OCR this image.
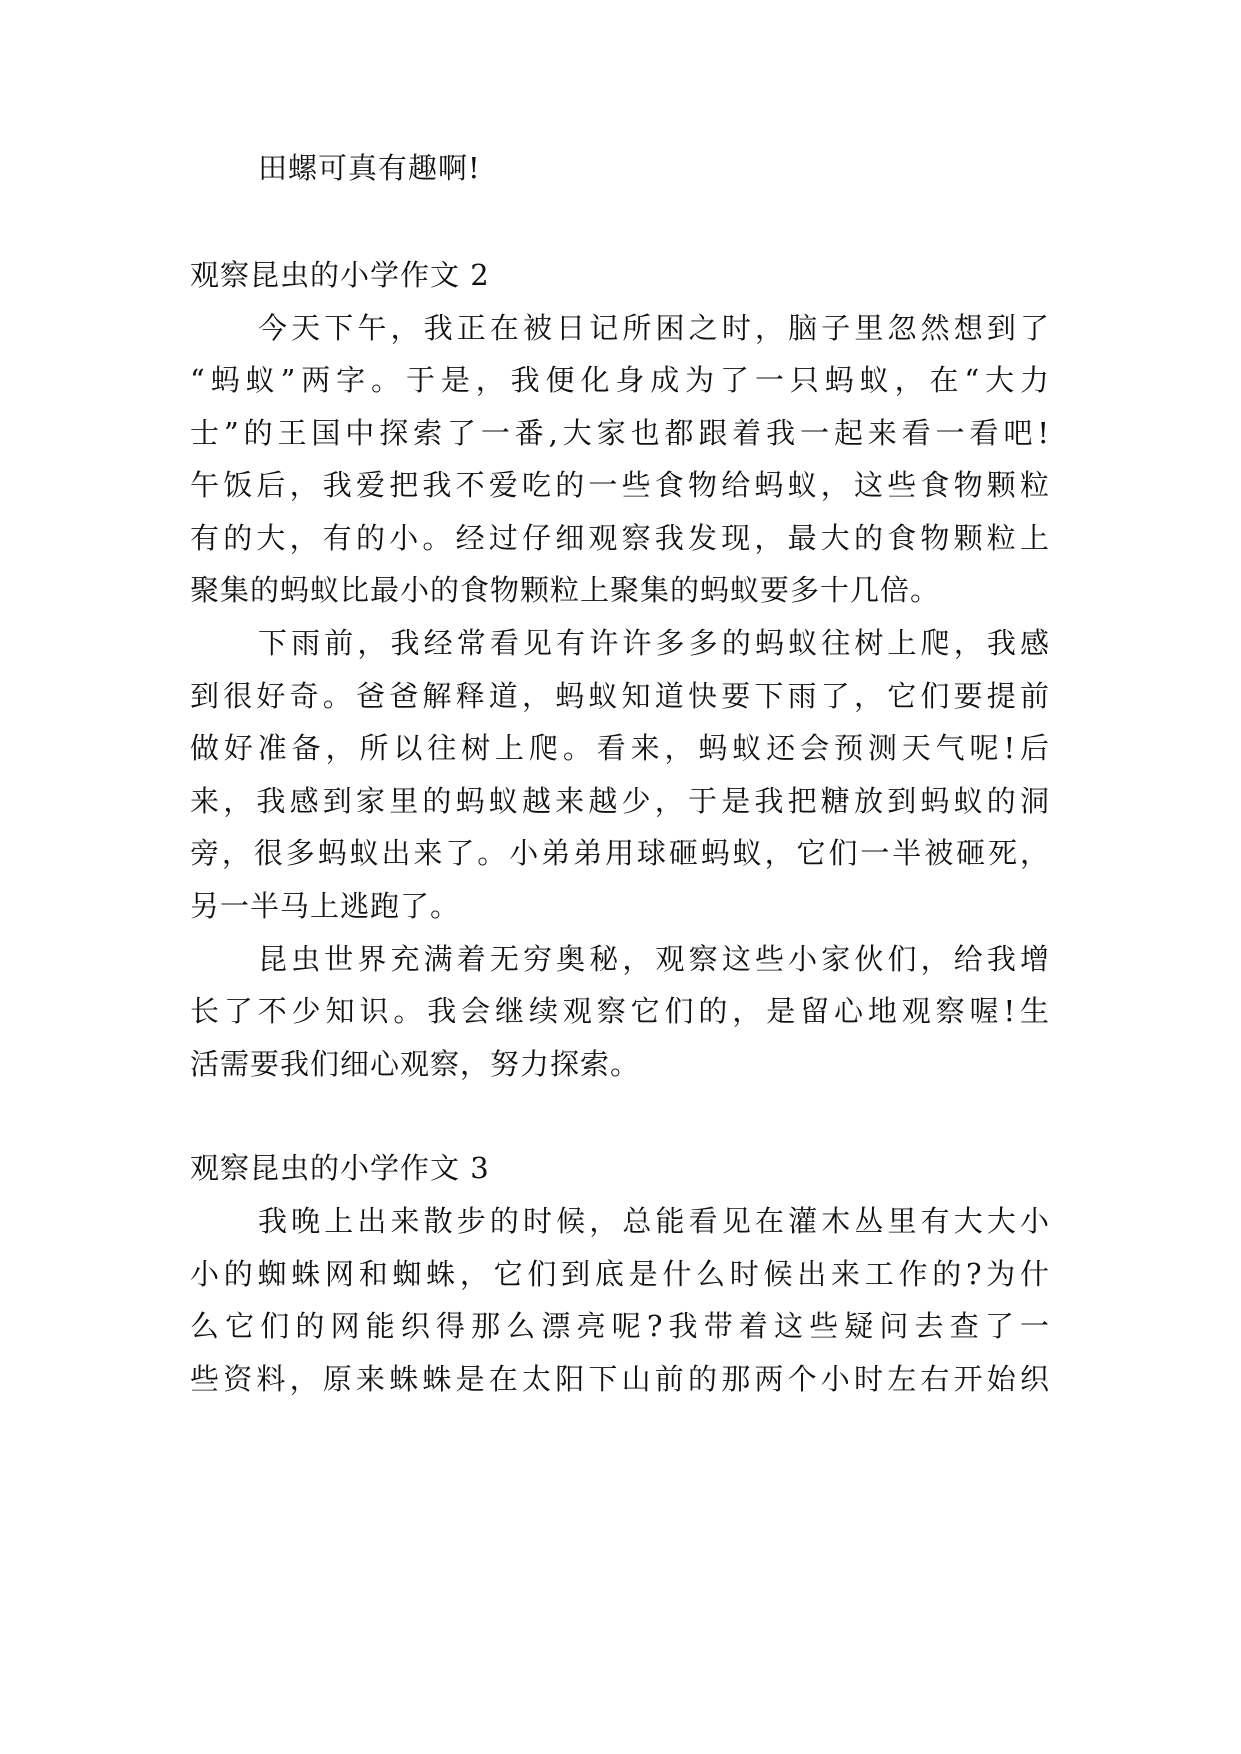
田螺可真有趣啊!
观察昆虫的小学作文 2
今天下午，我正在被日记所困之时，脑子里忽然想到了
“蚂蚁”两字。于是，我便化身成为了一只蚂蚁，在“大力
士”的王国中探索了一番,大家也都跟着我一起来看一看吧!
午饭后，我爱把我不爱吃的一些食物给蚂蚁，这些食物颗粒
有的大，有的小。经过仔细观察我发现，最大的食物颗粒上
聚集的蚂蚁比最小的食物颗粒上聚集的蚂蚁要多十几倍。
下雨前，我经常看见有许许多多的蚂蚁往树上爬，我感
到很好奇。爸爸解释道，蚂蚁知道快要下雨了，它们要提前
做好准备，所以往树上爬。看来，蚂蚁还会预测天气呢!后
来，我感到家里的蚂蚁越来越少，于是我把糖放到蚂蚁的洞
旁，很多蚂蚁出来了。小弟弟用球砸蚂蚁，它们一半被砸死，
另一半马上逃跑了。
昆虫世界充满着无穷奥秘，观察这些小家伙们，给我增
长了不少知识。我会继续观察它们的，是留心地观察喔!生
活需要我们细心观察，努力探索。
观察昆虫的小学作文 3
我晚上出来散步的时候，总能看见在灌木丛里有大大小
小的蜘蛛网和蜘蛛，它们到底是什么时候出来工作的?为什
么它们的网能织得那么漂亮呢?我带着这些疑问去查了一
些资料，原来蛛蛛是在太阳下山前的那两个小时左右开始织
